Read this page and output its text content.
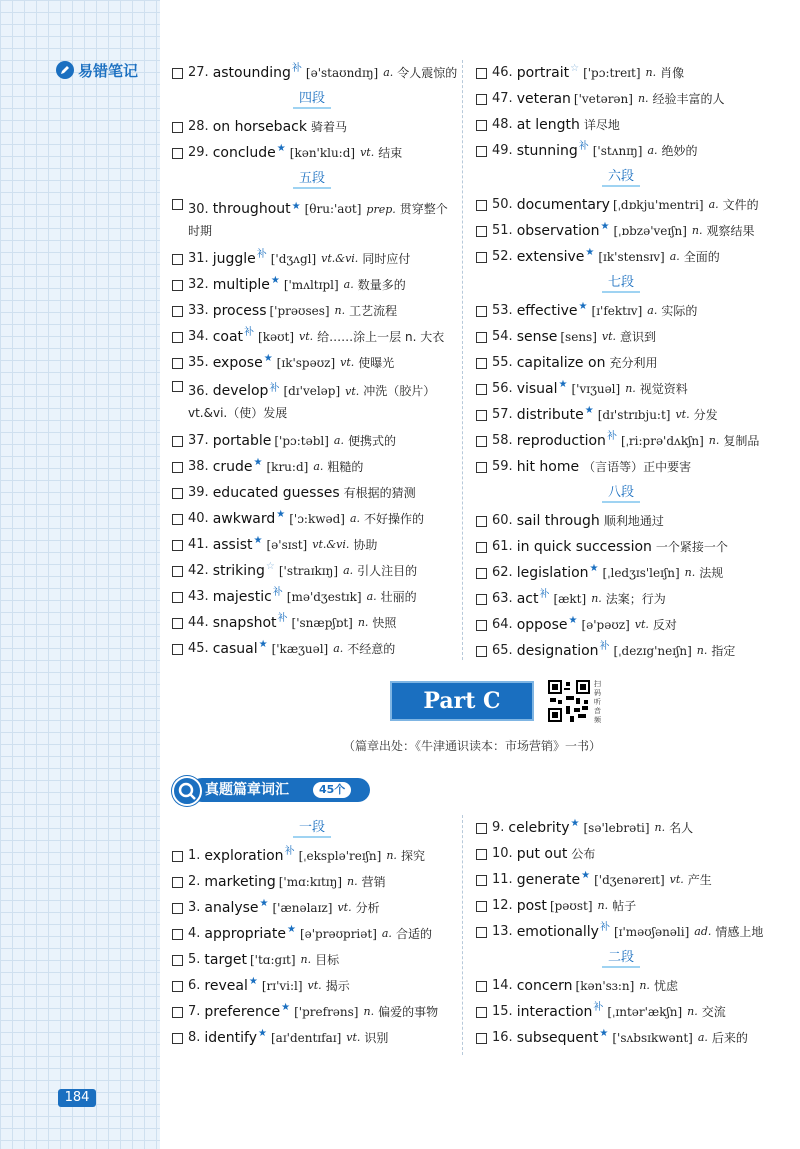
易错笔记	27. astounding 补 [ə'staʊndɪŋ] a. 令人震惊的
四段
28. on horseback 骑着马
29. conclude ★ [kən'klu:d] vt. 结束
五段
30. throughout★ [θru:'aʊt] prep. 贯穿整个时期
31. juggle 补 ['dʒʌgl] vt.&vi. 同时应付
32. multiple ★ ['mʌltɪpl] a. 数量多的
33. process ['prəʊses] n. 工艺流程
34. coat 补 [kəʊt] vt. 给……涂上一层 n. 大衣
35. expose ★ [ɪk'spəʊz] vt. 使曝光
36. develop$^补$ [dɪ'veləp] vt. 冲洗（胶片） vt.&vi.（使）发展
37. portable ['pɔ:təbl] a. 便携式的
38. crude ★ [kru:d] a. 粗糙的
39. educated guesses 有根据的猜测
40. awkward ★ ['ɔ:kwəd] a. 不好操作的
41. assist ★ [ə'sɪst] vt.&vi. 协助
42. striking ☆ ['straɪkɪŋ] a. 引人注目的
43. majestic 补 [mə'dʒestɪk] a. 壮丽的
44. snapshot 补 ['snæpʃɒt] n. 快照
45. casual ★ ['kæʒuəl] a. 不经意的
46. portrait ☆ ['pɔ:treɪt] n. 肖像
47. veteran ['vetərən] n. 经验丰富的人
48. at length 详尽地
49. stunning 补 ['stʌnɪŋ] a. 绝妙的
六段
50. documentary [ˌdɒkju'mentri] a. 文件的
51. observation ★ [ˌɒbzə'veɪʃn] n. 观察结果
52. extensive ★ [ɪk'stensɪv] a. 全面的
七段
53. effective ★ [ɪ'fektɪv] a. 实际的
54. sense [sens] vt. 意识到
55. capitalize on 充分利用
56. visual ★ ['vɪʒuəl] n. 视觉资料
57. distribute ★ [dɪ'strɪbju:t] vt. 分发
58. reproduction 补 [ˌri:prə'dʌkʃn] n. 复制品
59. hit home （言语等）正中要害
八段
60. sail through 顺利地通过
61. in quick succession 一个紧接一个
62. legislation ★ [ˌledʒɪs'leɪʃn] n. 法规
63. act 补 [ækt] n. 法案；行为
64. oppose ★ [ə'pəʊz] vt. 反对
65. designation 补 [ˌdezɪg'neɪʃn] n. 指定
Part C
扫码听音频
（篇章出处：《牛津通识读本：市场营销》一书）
真题篇章词汇	45个
一段
1. exploration 补 [ˌeksplə'reɪʃn] n. 探究
2. marketing ['mɑ:kɪtɪŋ] n. 营销
3. analyse ★ ['ænəlaɪz] vt. 分析
4. appropriate ★ [ə'prəʊpriət] a. 合适的
5. target ['tɑ:gɪt] n. 目标
6. reveal ★ [rɪ'vi:l] vt. 揭示
7. preference ★ ['prefrəns] n. 偏爱的事物
8. identify ★ [aɪ'dentɪfaɪ] vt. 识别
9. celebrity ★ [sə'lebrəti] n. 名人
10. put out 公布
11. generate ★ ['dʒenəreɪt] vt. 产生
12. post [pəʊst] n. 帖子
13. emotionally 补 [ɪ'məʊʃənəli] ad. 情感上地
二段
14. concern [kən'sɜ:n] n. 忧虑
15. interaction 补 [ˌɪntər'ækʃn] n. 交流
16. subsequent ★ ['sʌbsɪkwənt] a. 后来的
184
